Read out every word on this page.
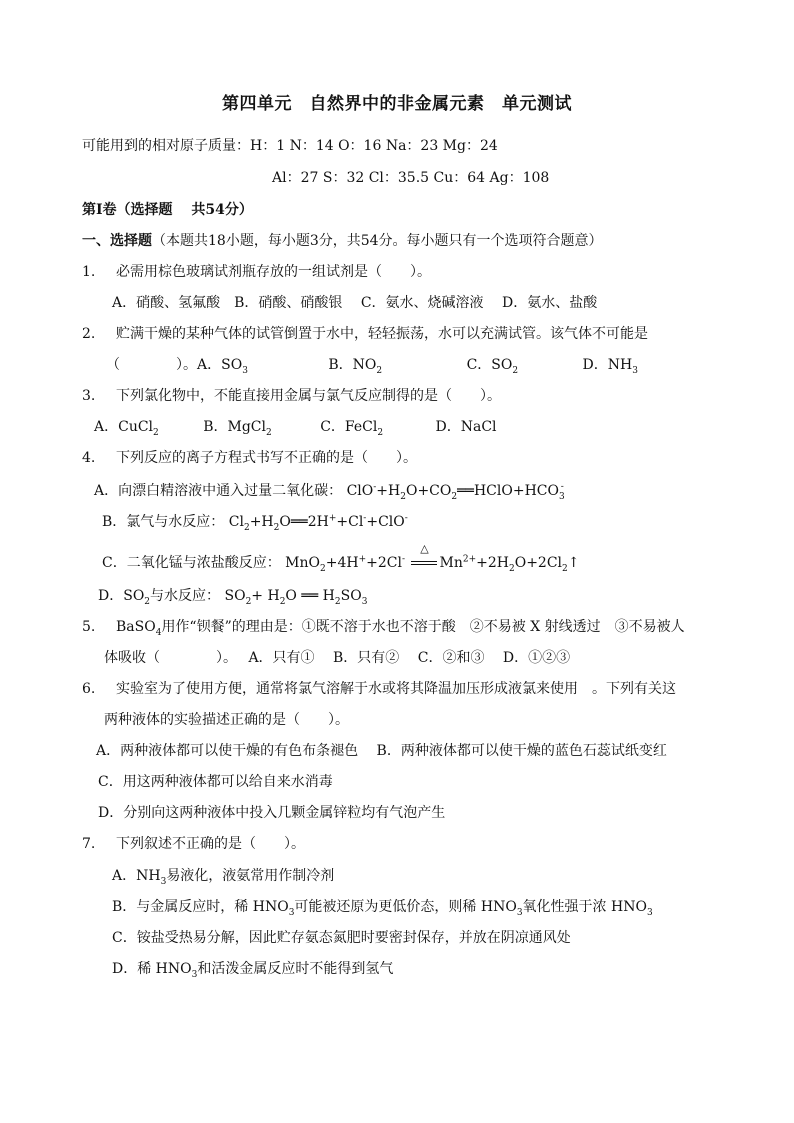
第四单元　自然界中的非金属元素　单元测试
可能用到的相对原子质量：H：1 N：14 O：16 Na：23 Mg：24
Al：27 S：32 Cl：35.5 Cu：64 Ag：108
第Ⅰ卷（选择题　 共54分）
一、选择题（本题共18小题，每小题3分，共54分。每小题只有一个选项符合题意）
1. 必需用棕色玻璃试剂瓶存放的一组试剂是（　　）。
A．硝酸、氢氟酸　B．硝酸、硝酸银　 C．氨水、烧碱溶液　 D．氨水、盐酸
2. 贮满干燥的某种气体的试管倒置于水中，轻轻振荡，水可以充满试管。该气体不可能是
（　　　　）。A．$SO_3$	B．$NO_2$	C．$SO_2$	D．$NH_3$
3. 下列氯化物中，不能直接用金属与氯气反应制得的是（　　）。
A．CuCl$_2$	B．MgCl$_2$	C．FeCl$_2$	D．NaCl
4. 下列反应的离子方程式书写不正确的是（　　）。
A．向漂白精溶液中通入过量二氧化碳： $ClO^-+H_2O+CO_2══HClO+HCO_3^-$
B．氯气与水反应： $Cl_2+H_2O══2H^++Cl^-+ClO^-$
C．二氧化锰与浓盐酸反应： MnO$_2$+4H++2Cl-
△
$Mn^{2+}+2H_2O+2Cl_2↑$
D．$SO_2$与水反应： $SO_2+ H_2O$ ══ $H_2SO_3$
5. BaSO$_4$用作“钡餐”的理由是：①既不溶于水也不溶于酸　②不易被 X 射线透过　③不易被人
体吸收（　　　　）。　 A．只有①　 B．只有②　 C．②和③　 D．①②③
6. 实验室为了使用方便，通常将氯气溶解于水或将其降温加压形成液氯来使用　。下列有关这
两种液体的实验描述正确的是（　　）。
A．两种液体都可以使干燥的有色布条褪色　 B．两种液体都可以使干燥的蓝色石蕊试纸变红
C．用这两种液体都可以给自来水消毒
D．分别向这两种液体中投入几颗金属锌粒均有气泡产生
7. 下列叙述不正确的是（　　）。
A．$NH_3$易液化，液氨常用作制冷剂
B．与金属反应时，稀 $HNO_3$可能被还原为更低价态，则稀 $HNO_3$氧化性强于浓 $HNO_3$
C．铵盐受热易分解，因此贮存氨态氮肥时要密封保存，并放在阴凉通风处
D．稀 $HNO_3$和活泼金属反应时不能得到氢气
